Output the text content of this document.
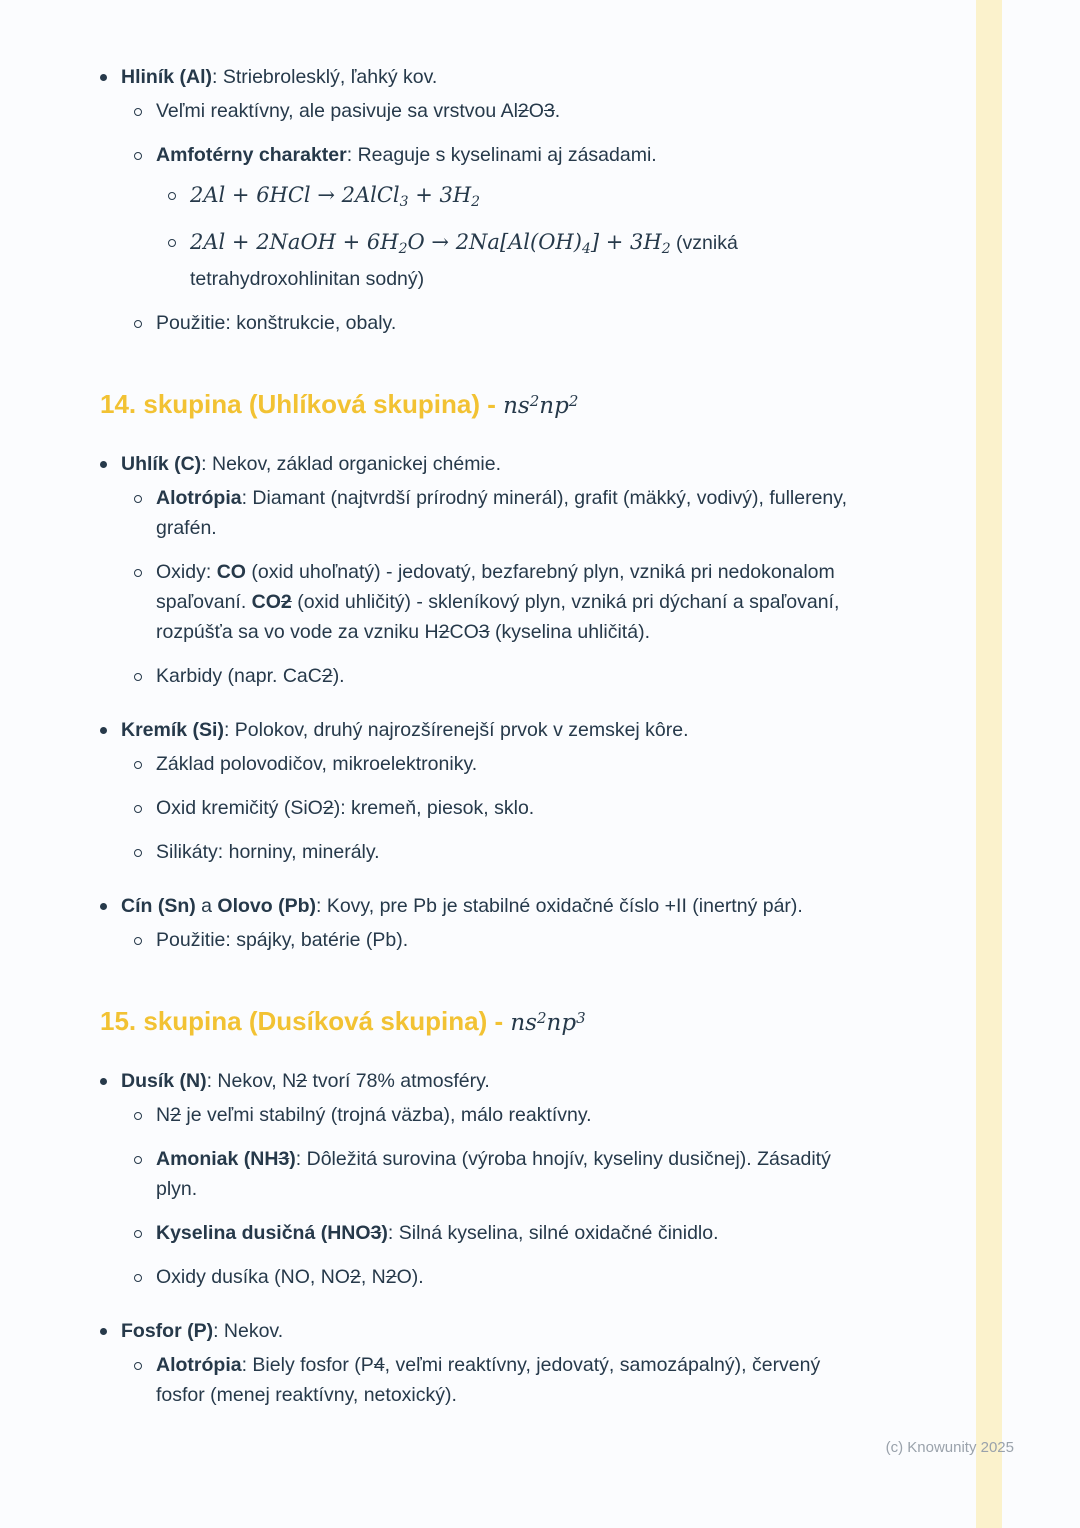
Hliník (Al): Striebrolesklý, ľahký kov.
Veľmi reaktívny, ale pasivuje sa vrstvou Al2O3.
Amfotérny charakter: Reaguje s kyselinami aj zásadami.
2Al + 6HCl → 2AlCl$_3$ + $3H_2$
2Al + 2NaOH + $6H_2O \to 2Na[Al(OH)_4] + 3H_2$ (vzniká
tetrahydroxohlinitan sodný)
Použitie: konštrukcie, obaly.
14. skupina (Uhlíková skupina) - $ns^2np^2$
Uhlík (C): Nekov, základ organickej chémie.
Alotrópia: Diamant (najtvrdší prírodný minerál), grafit (mäkký, vodivý), fullereny, grafén.
Oxidy: CO (oxid uhoľnatý) - jedovatý, bezfarebný plyn, vzniká pri nedokonalom spaľovaní. CO2 (oxid uhličitý) - skleníkový plyn, vzniká pri dýchaní a spaľovaní, rozpúšťa sa vo vode za vzniku H2CO3 (kyselina uhličitá).
Karbidy (napr. CaC2).
Kremík (Si): Polokov, druhý najrozšírenejší prvok v zemskej kôre.
Základ polovodičov, mikroelektroniky.
Oxid kremičitý (SiO2): kremeň, piesok, sklo.
Silikáty: horniny, minerály.
Cín (Sn) a Olovo (Pb): Kovy, pre Pb je stabilné oxidačné číslo +II (inertný pár).
Použitie: spájky, batérie (Pb).
15. skupina (Dusíková skupina) - $ns^2np^3$
Dusík (N): Nekov, N2 tvorí 78% atmosféry.
N2 je veľmi stabilný (trojná väzba), málo reaktívny.
Amoniak (NH3): Dôležitá surovina (výroba hnojív, kyseliny dusičnej). Zásaditý plyn.
Kyselina dusičná (HNO3): Silná kyselina, silné oxidačné činidlo.
Oxidy dusíka (NO, NO2, N2O).
Fosfor (P): Nekov.
Alotrópia: Biely fosfor (P4, veľmi reaktívny, jedovatý, samozápalný), červený fosfor (menej reaktívny, netoxický).
(c) Knowunity 2025
